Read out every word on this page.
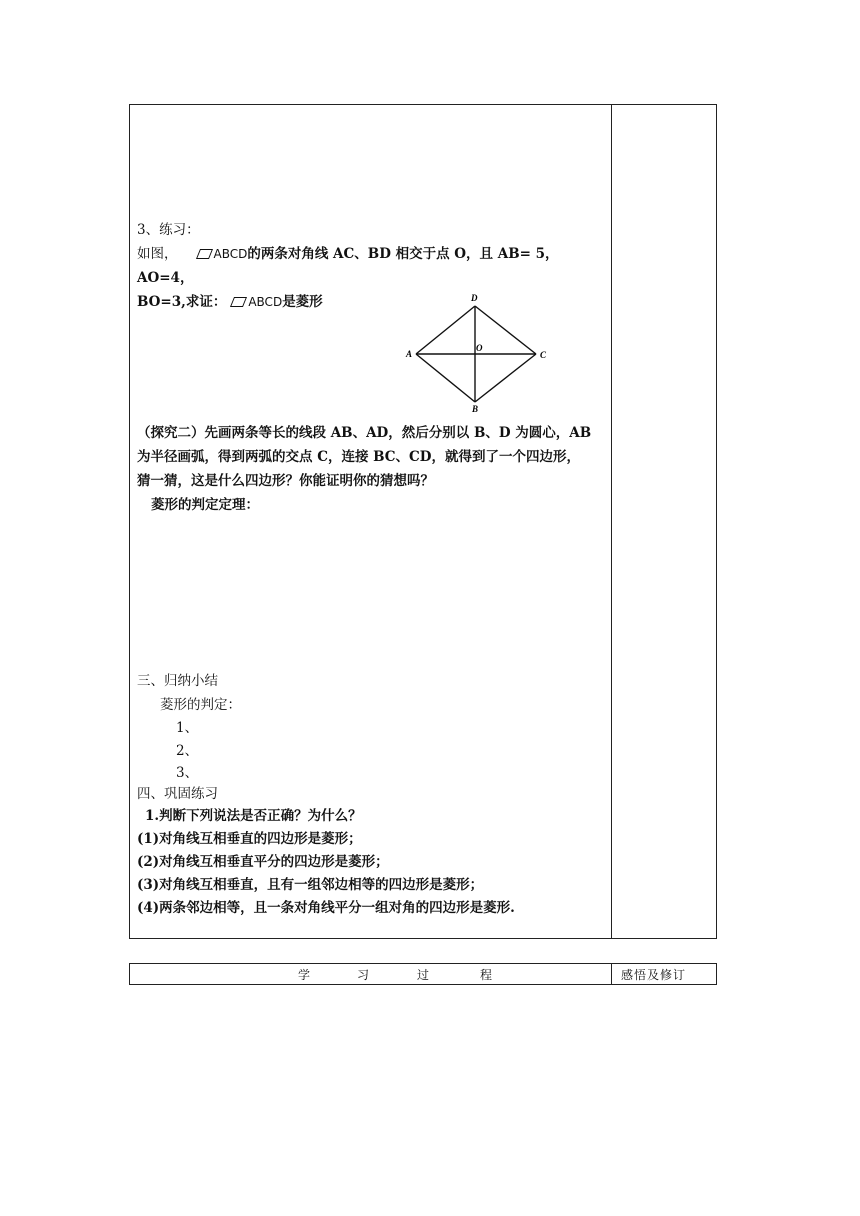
3、练习：
如图，	ABCD的两条对角线 AC、BD 相交于点 O，且 AB= 5，AO=4，
BO=3,求证： ABCD是菱形	D
A
O
C
B
（探究二）先画两条等长的线段 AB、AD，然后分别以 B、D 为圆心，AB
为半径画弧，得到两弧的交点 C，连接 BC、CD，就得到了一个四边形，
猜一猜，这是什么四边形？你能证明你的猜想吗？
菱形的判定定理：
三、归纳小结
菱形的判定：
1、
2、
3、
四、巩固练习
1.判断下列说法是否正确？为什么？
(1)对角线互相垂直的四边形是菱形；
(2)对角线互相垂直平分的四边形是菱形；
(3)对角线互相垂直，且有一组邻边相等的四边形是菱形；
(4)两条邻边相等，且一条对角线平分一组对角的四边形是菱形.
学	习	过	程	感悟及修订
